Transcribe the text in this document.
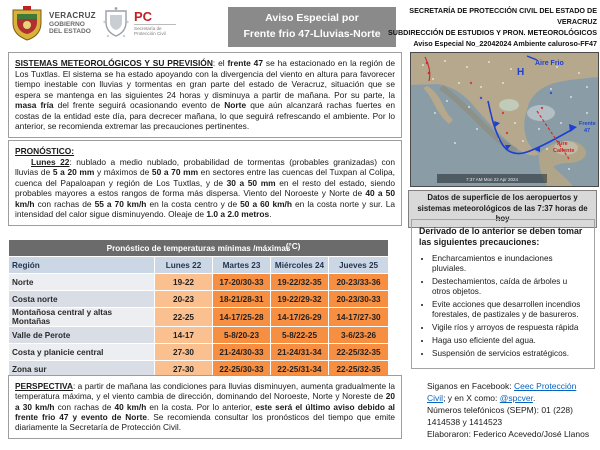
VERACRUZ
GOBIERNO
DEL ESTADO
PC
Secretaría de Protección Civil
Aviso Especial por
Frente frio 47-Lluvias-Norte
SECRETARÍA DE PROTECCIÓN CIVIL DEL ESTADO DE VERACRUZ
SUBDIRECCIÓN DE ESTUDIOS Y PRON. METEOROLÓGICOS
Aviso Especial No_22042024 Ambiente caluroso-FF47

SISTEMAS METEOROLÓGICOS Y SU PREVISIÓN: el frente 47 se ha estacionado en la región de Los Tuxtlas. El sistema se ha estado apoyando con la divergencia del viento en altura para favorecer tiempo inestable con lluvias y tormentas en gran parte del estado de Veracruz, situación que se espera se mantenga en las siguientes 24 horas y disminuya a partir de mañana. Por su parte, la masa fría del frente seguirá ocasionando evento de Norte que aún alcanzará rachas fuertes en costas de la entidad este día, para decrecer mañana, lo que seguirá refrescando el ambiente. Por lo anterior, se recomienda extremar las precauciones pertinentes.

PRONÓSTICO:

Lunes 22: nublado a medio nublado, probabilidad de tormentas (probables granizadas) con lluvias de 5 a 20 mm y máximos de 50 a 70 mm en sectores entre las cuencas del Tuxpan al Colipa, cuenca del Papaloapan y región de Los Tuxtlas, y de 30 a 50 mm en el resto del estado, siendo probables mayores a estos rangos de forma más dispersa. Viento del Noroeste y Norte de 40 a 50 km/h con rachas de 55 a 70 km/h en la costa centro y de 50 a 60 km/h en la costa norte y sur. La intensidad del calor sigue disminuyendo. Oleaje de 1.0 a 2.0 metros.

Pronóstico de temperaturas mínimas /máximas
(°C)				

Región	Lunes 22	Martes 23	Miércoles 24	Jueves 25
Norte	19-22	17-20/30-33	19-22/32-35	20-23/33-36
Costa norte	20-23	18-21/28-31	19-22/29-32	20-23/30-33
Montañosa central y altas Montañas	22-25	14-17/25-28	14-17/26-29	14-17/27-30
Valle de Perote	14-17	5-8/20-23	5-8/22-25	3-6/23-26
Costa y planicie central	27-30	21-24/30-33	21-24/31-34	22-25/32-35
Zona sur	27-30	22-25/30-33	22-25/31-34	22-25/32-35

PERSPECTIVA: a partir de mañana las condiciones para lluvias disminuyen, aumenta gradualmente la temperatura máxima, y el viento cambia de dirección, dominando del Noroeste, Norte y Noreste de 20 a 30 km/h con rachas de 40 km/h en la costa. Por lo anterior, este será el último aviso debido al frente frio 47 y evento de Norte. Se recomienda consultar los pronósticos del tiempo que emite diariamente la Secretaría de Protección Civil.

H
Aire Frio
Frente
47
Aire
Caliente
7:37 AM Mon 22 Apr 2024
Datos de superficie de los aeropuertos y sistemas meteorológicos de las 7:37 horas de hoy

Derivado de lo anterior se deben tomar las siguientes precauciones:

• Encharcamientos e inundaciones pluviales.
• Destechamientos, caída de árboles u otros objetos.
• Evite acciones que desarrollen incendios forestales, de pastizales y de basureros.
• Vigile ríos y arroyos de respuesta rápida
• Haga uso eficiente del agua.
• Suspensión de servicios estratégicos.

Siganos en Facebook: Ceec Protección Civil; y en X como: @spcver.

Números telefónicos (SEPM): 01 (228) 1414538 y 1414523

Elaboraron: Federico Acevedo/José Llanos
